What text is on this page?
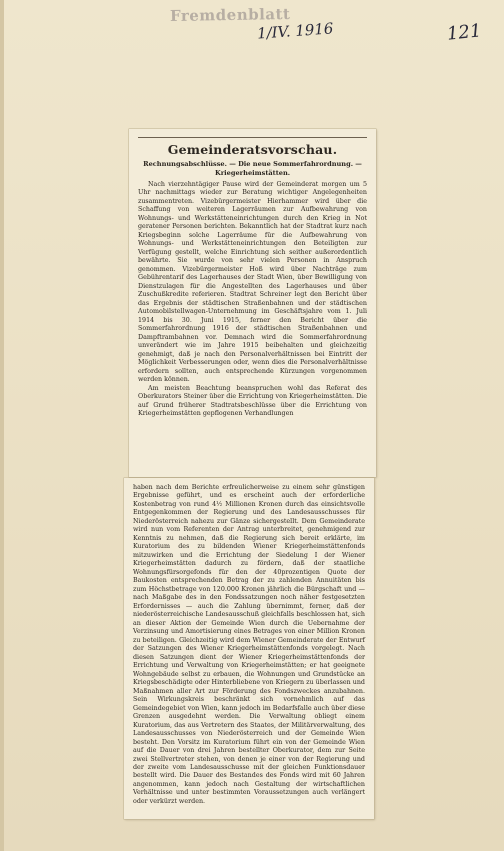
Fremdenblatt
1/IV. 1916	121
Gemeinderatsvorschau.
Rechnungsabschlüsse. — Die neue Sommerfahrordnung. — Kriegerheimstätten.

Nach vierzehntägiger Pause wird der Gemeinderat morgen um 5 Uhr nachmittags wieder zur Beratung wichtiger Angelegenheiten zusammentreten. Vizebürgermeister Hierhammer wird über die Schaffung von weiteren Lagerräumen zur Aufbewahrung von Wohnungs- und Werkstätteneinrichtungen durch den Krieg in Not geratener Personen berichten. Bekanntlich hat der Stadtrat kurz nach Kriegsbeginn solche Lagerräume für die Aufbewahrung von Wohnungs- und Werkstätteneinrichtungen den Beteiligten zur Verfügung gestellt, welche Einrichtung sich seither außerordentlich bewährte. Sie wurde von sehr vielen Personen in Anspruch genommen. Vizebürgermeister Hoß wird über Nachträge zum Gebührentarif des Lagerhauses der Stadt Wien, über Bewilligung von Dienstzulagen für die Angestellten des Lagerhauses und über Zuschußkredite referieren. Stadtrat Schreiner legt den Bericht über das Ergebnis der städtischen Straßenbahnen und der städtischen Automobilstellwagen-Unternehmung im Geschäftsjahre vom 1. Juli 1914 bis 30. Juni 1915, ferner den Bericht über die Sommerfahrordnung 1916 der städtischen Straßenbahnen und Dampftrambahnen vor. Demnach wird die Sommerfahrordnung unverändert wie im Jahre 1915 beibehalten und gleichzeitig genehmigt, daß je nach den Personalverhältnissen bei Eintritt der Möglichkeit Verbesserungen oder, wenn dies die Personalverhältnisse erfordern sollten, auch entsprechende Kürzungen vorgenommen werden können.

Am meisten Beachtung beanspruchen wohl das Referat des Oberkurators Steiner über die Errichtung von Kriegerheimstätten. Die auf Grund früherer Stadtratsbeschlüsse über die Errichtung von Kriegerheimstätten gepflogenen Verhandlungen

haben nach dem Berichte erfreulicherweise zu einem sehr günstigen Ergebnisse geführt, und es erscheint auch der erforderliche Kostenbetrag von rund 4½ Millionen Kronen durch das einsichtsvolle Entgegenkommen der Regierung und des Landesausschusses für Niederösterreich nahezu zur Gänze sichergestellt. Dem Gemeinderate wird nun vom Referenten der Antrag unterbreitet, genehmigend zur Kenntnis zu nehmen, daß die Regierung sich bereit erklärte, im Kuratorium des zu bildenden Wiener Kriegerheimstättenfonds mitzuwirken und die Errichtung der Siedelung I der Wiener Kriegerheimstätten dadurch zu fördern, daß der staatliche Wohnungsfürsorgefonds für den der 40prozentigen Quote der Baukosten entsprechenden Betrag der zu zahlenden Annuitäten bis zum Höchstbetrage von 120.000 Kronen jährlich die Bürgschaft und — nach Maßgabe des in den Fondssatzungen noch näher festgesetzten Erfordernisses — auch die Zahlung übernimmt, ferner, daß der niederösterreichische Landesausschuß gleichfalls beschlossen hat, sich an dieser Aktion der Gemeinde Wien durch die Uebernahme der Verzinsung und Amortisierung eines Betrages von einer Million Kronen zu beteiligen. Gleichzeitig wird dem Wiener Gemeinderate der Entwurf der Satzungen des Wiener Kriegerheimstättenfonds vorgelegt. Nach diesen Satzungen dient der Wiener Kriegerheimstättenfonds der Errichtung und Verwaltung von Kriegerheimstätten; er hat geeignete Wohngebäude selbst zu erbauen, die Wohnungen und Grundstücke an Kriegsbeschädigte oder Hinterbliebene von Kriegern zu überlassen und Maßnahmen aller Art zur Förderung des Fondszweckes anzubahnen. Sein Wirkungskreis beschränkt sich vornehmlich auf das Gemeindegebiet von Wien, kann jedoch im Bedarfsfalle auch über diese Grenzen ausgedehnt werden. Die Verwaltung obliegt einem Kuratorium, das aus Vertretern des Staates, der Militärverwaltung, des Landesausschusses von Niederösterreich und der Gemeinde Wien besteht. Den Vorsitz im Kuratorium führt ein von der Gemeinde Wien auf die Dauer von drei Jahren bestellter Oberkurator, dem zur Seite zwei Stellvertreter stehen, von denen je einer von der Regierung und der zweite vom Landesausschusse mit der gleichen Funktionsdauer bestellt wird. Die Dauer des Bestandes des Fonds wird mit 60 Jahren angenommen, kann jedoch nach Gestaltung der wirtschaftlichen Verhältnisse und unter bestimmten Voraussetzungen auch verlängert oder verkürzt werden.
